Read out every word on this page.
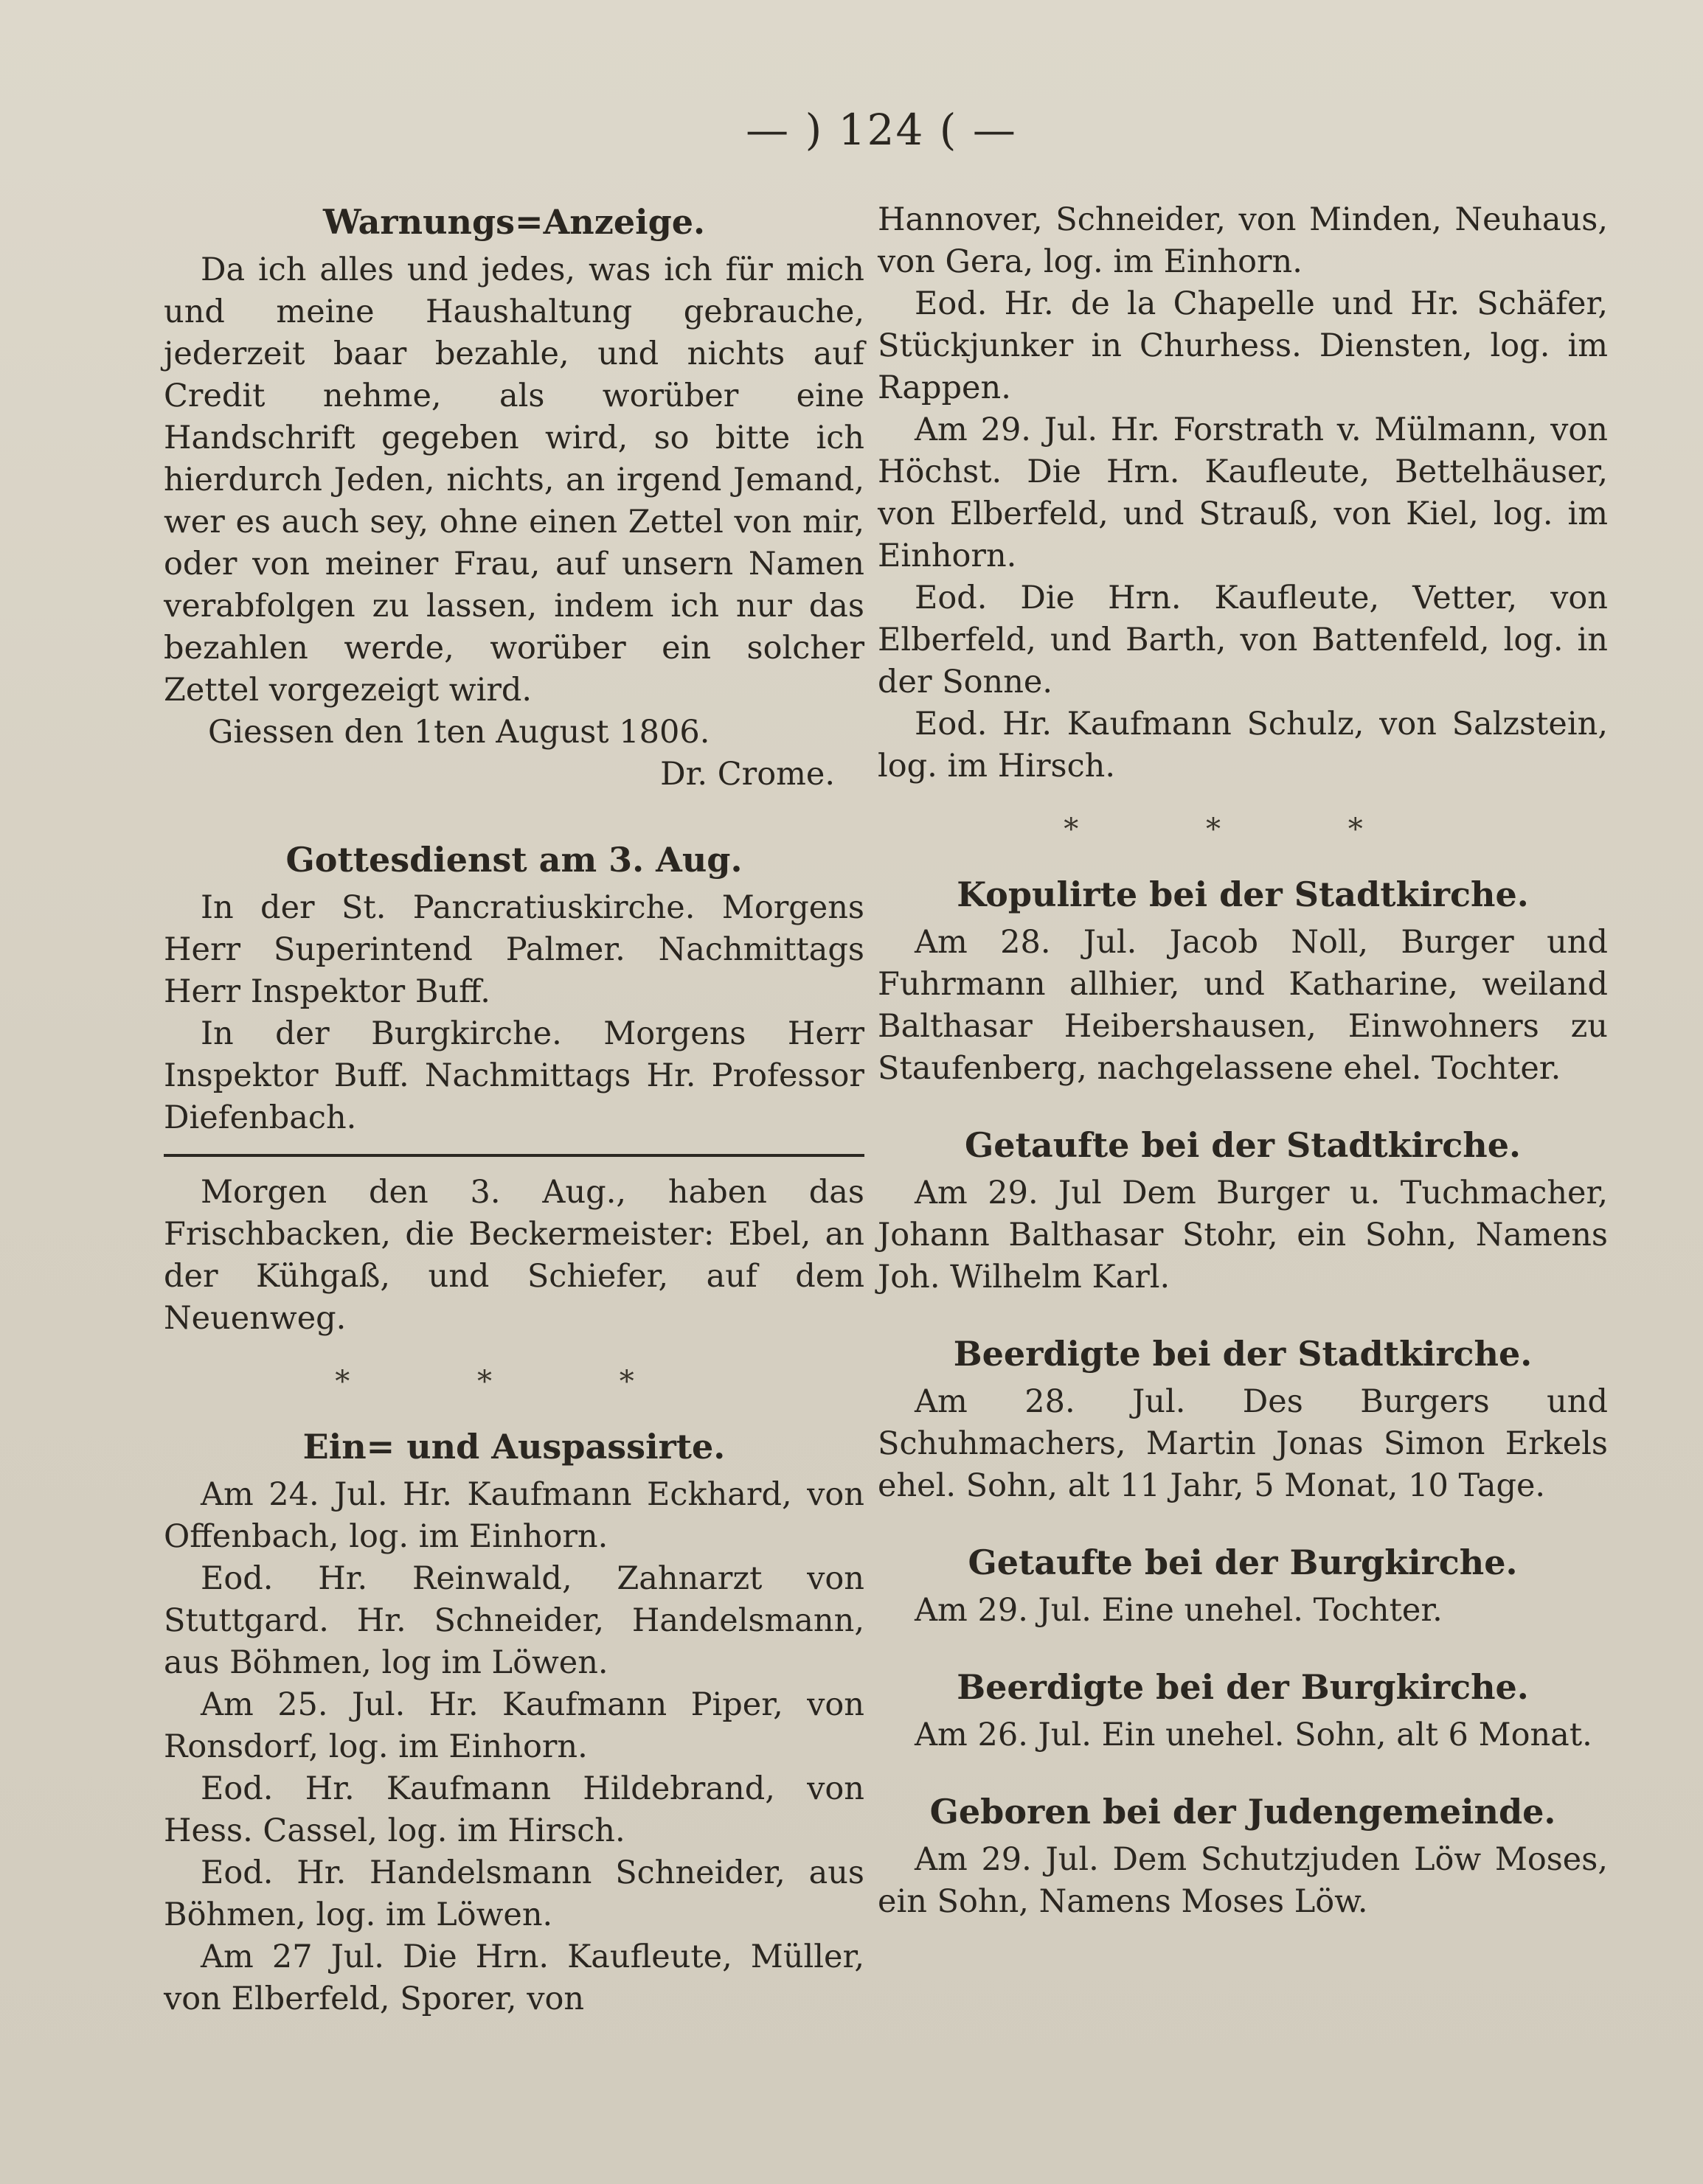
— ) 124 ( —
Warnungs=Anzeige.

Da ich alles und jedes, was ich für mich und meine Haushaltung gebrauche, jederzeit baar bezahle, und nichts auf Credit nehme, als worüber eine Handschrift gegeben wird, so bitte ich hierdurch Jeden, nichts, an irgend Jemand, wer es auch sey, ohne einen Zettel von mir, oder von meiner Frau, auf unsern Namen verabfolgen zu lassen, indem ich nur das bezahlen werde, worüber ein solcher Zettel vorgezeigt wird.

Giessen den 1ten August 1806.

Dr. Crome.

Gottesdienst am 3. Aug.

In der St. Pancratiuskirche. Morgens Herr Superintend Palmer. Nachmittags Herr Inspektor Buff.

In der Burgkirche. Morgens Herr Inspektor Buff. Nachmittags Hr. Professor Diefenbach.

Morgen den 3. Aug., haben das Frischbacken, die Beckermeister: Ebel, an der Kühgaß, und Schiefer, auf dem Neuenweg.

* * *
Ein= und Auspassirte.

Am 24. Jul. Hr. Kaufmann Eckhard, von Offenbach, log. im Einhorn.

Eod. Hr. Reinwald, Zahnarzt von Stuttgard. Hr. Schneider, Handelsmann, aus Böhmen, log im Löwen.

Am 25. Jul. Hr. Kaufmann Piper, von Ronsdorf, log. im Einhorn.

Eod. Hr. Kaufmann Hildebrand, von Hess. Cassel, log. im Hirsch.

Eod. Hr. Handelsmann Schneider, aus Böhmen, log. im Löwen.

Am 27 Jul. Die Hrn. Kaufleute, Müller, von Elberfeld, Sporer, von

Hannover, Schneider, von Minden, Neuhaus, von Gera, log. im Einhorn.

Eod. Hr. de la Chapelle und Hr. Schäfer, Stückjunker in Churhess. Diensten, log. im Rappen.

Am 29. Jul. Hr. Forstrath v. Mülmann, von Höchst. Die Hrn. Kaufleute, Bettelhäuser, von Elberfeld, und Strauß, von Kiel, log. im Einhorn.

Eod. Die Hrn. Kaufleute, Vetter, von Elberfeld, und Barth, von Battenfeld, log. in der Sonne.

Eod. Hr. Kaufmann Schulz, von Salzstein, log. im Hirsch.

* * *
Kopulirte bei der Stadtkirche.

Am 28. Jul. Jacob Noll, Burger und Fuhrmann allhier, und Katharine, weiland Balthasar Heibershausen, Einwohners zu Staufenberg, nachgelassene ehel. Tochter.

Getaufte bei der Stadtkirche.

Am 29. Jul Dem Burger u. Tuchmacher, Johann Balthasar Stohr, ein Sohn, Namens Joh. Wilhelm Karl.

Beerdigte bei der Stadtkirche.

Am 28. Jul. Des Burgers und Schuhmachers, Martin Jonas Simon Erkels ehel. Sohn, alt 11 Jahr, 5 Monat, 10 Tage.

Getaufte bei der Burgkirche.

Am 29. Jul. Eine unehel. Tochter.

Beerdigte bei der Burgkirche.

Am 26. Jul. Ein unehel. Sohn, alt 6 Monat.

Geboren bei der Judengemeinde.

Am 29. Jul. Dem Schutzjuden Löw Moses, ein Sohn, Namens Moses Löw.
